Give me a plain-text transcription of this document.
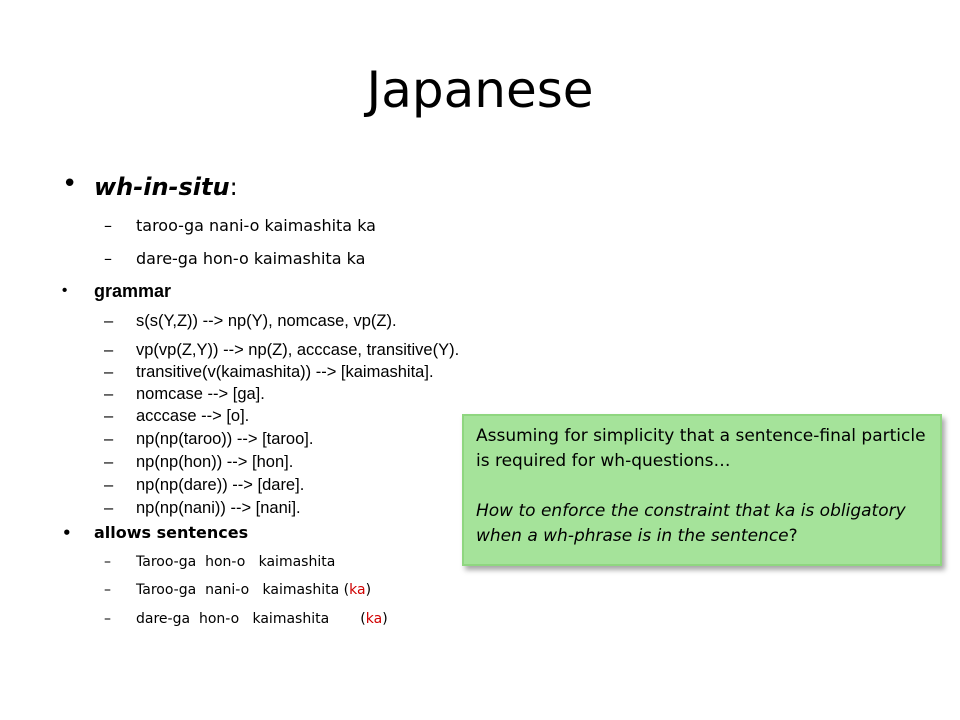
Japanese
• wh-in-situ:
– taroo-ga nani-o kaimashita ka
– dare-ga hon-o kaimashita ka
• grammar
– s(s(Y,Z)) --> np(Y), nomcase, vp(Z).
– vp(vp(Z,Y)) --> np(Z), acccase, transitive(Y).
– transitive(v(kaimashita)) --> [kaimashita].
– nomcase --> [ga].
– acccase --> [o].
– np(np(taroo)) --> [taroo].
– np(np(hon)) --> [hon].
– np(np(dare)) --> [dare].
– np(np(nani)) --> [nani].
• allows sentences
– Taroo-ga  hon-o   kaimashita
– Taroo-ga  nani-o   kaimashita (ka)
– dare-ga  hon-o   kaimashita       (ka)

Assuming for simplicity that a sentence-final particle is required for wh-questions…

How to enforce the constraint that ka is obligatory when a wh-phrase is in the sentence?
